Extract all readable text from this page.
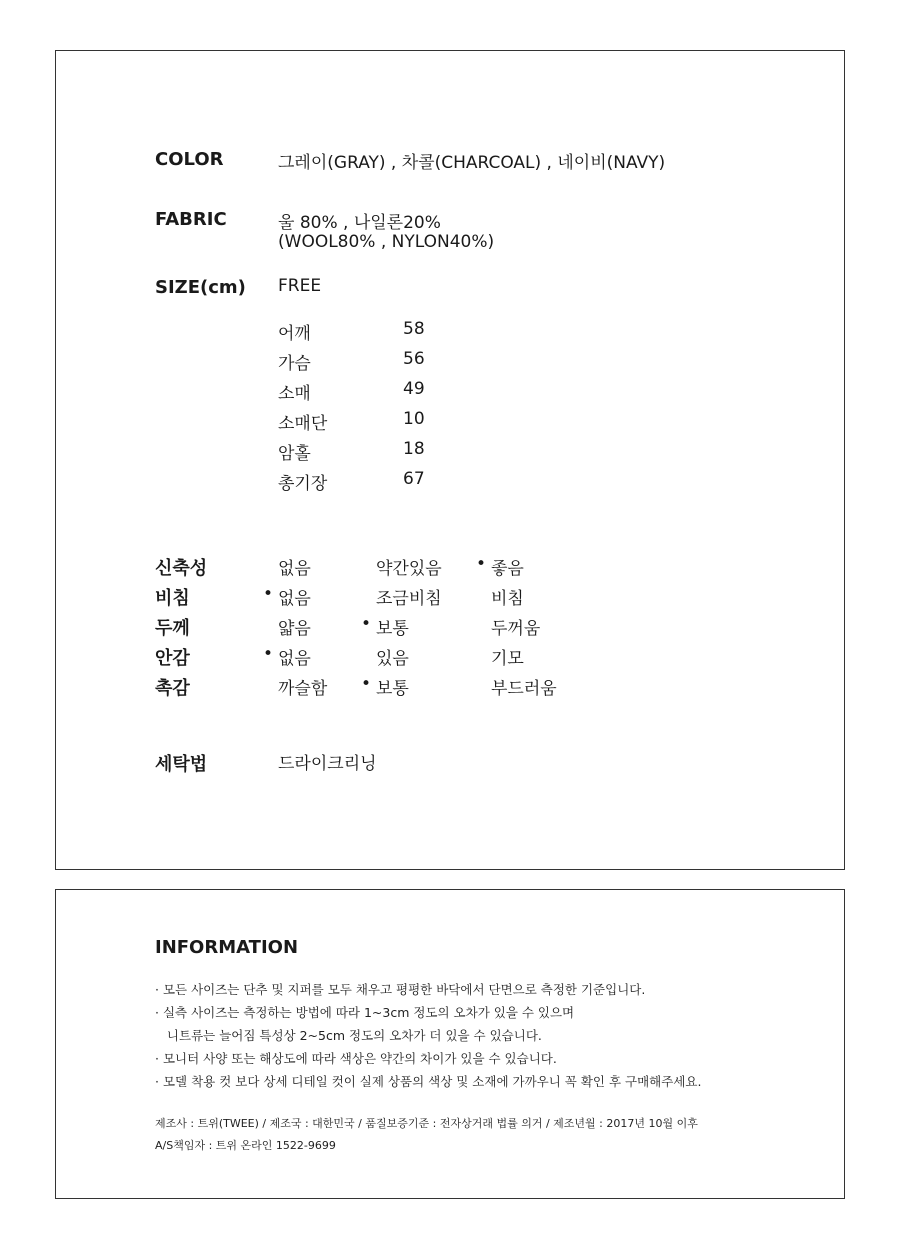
COLOR	그레이(GRAY) , 차콜(CHARCOAL) , 네이비(NAVY)
FABRIC	울 80% , 나일론20%
(WOOL80% , NYLON40%)
SIZE(cm) FREE
어깨	58
가슴	56
소매	49
소매단	10
암홀	18
총기장	67
신축성	없음	약간있음	좋음
비침	없음	조금비침	비침
두께	얇음	보통	두꺼움
안감	없음	있음	기모
촉감	까슬함	보통	부드러움
•
•
•
•
•
세탁법	드라이크리닝
INFORMATION
· 모든 사이즈는 단추 및 지퍼를 모두 채우고 평평한 바닥에서 단면으로 측정한 기준입니다.
· 실측 사이즈는 측정하는 방법에 따라 1~3cm 정도의 오차가 있을 수 있으며
니트류는 늘어짐 특성상 2~5cm 정도의 오차가 더 있을 수 있습니다.
· 모니터 사양 또는 해상도에 따라 색상은 약간의 차이가 있을 수 있습니다.
· 모델 착용 컷 보다 상세 디테일 컷이 실제 상품의 색상 및 소재에 가까우니 꼭 확인 후 구매해주세요.
제조사 : 트위(TWEE) / 제조국 : 대한민국 / 품질보증기준 : 전자상거래 법률 의거 / 제조년월 : 2017년 10월 이후
A/S책임자 : 트위 온라인 1522-9699
